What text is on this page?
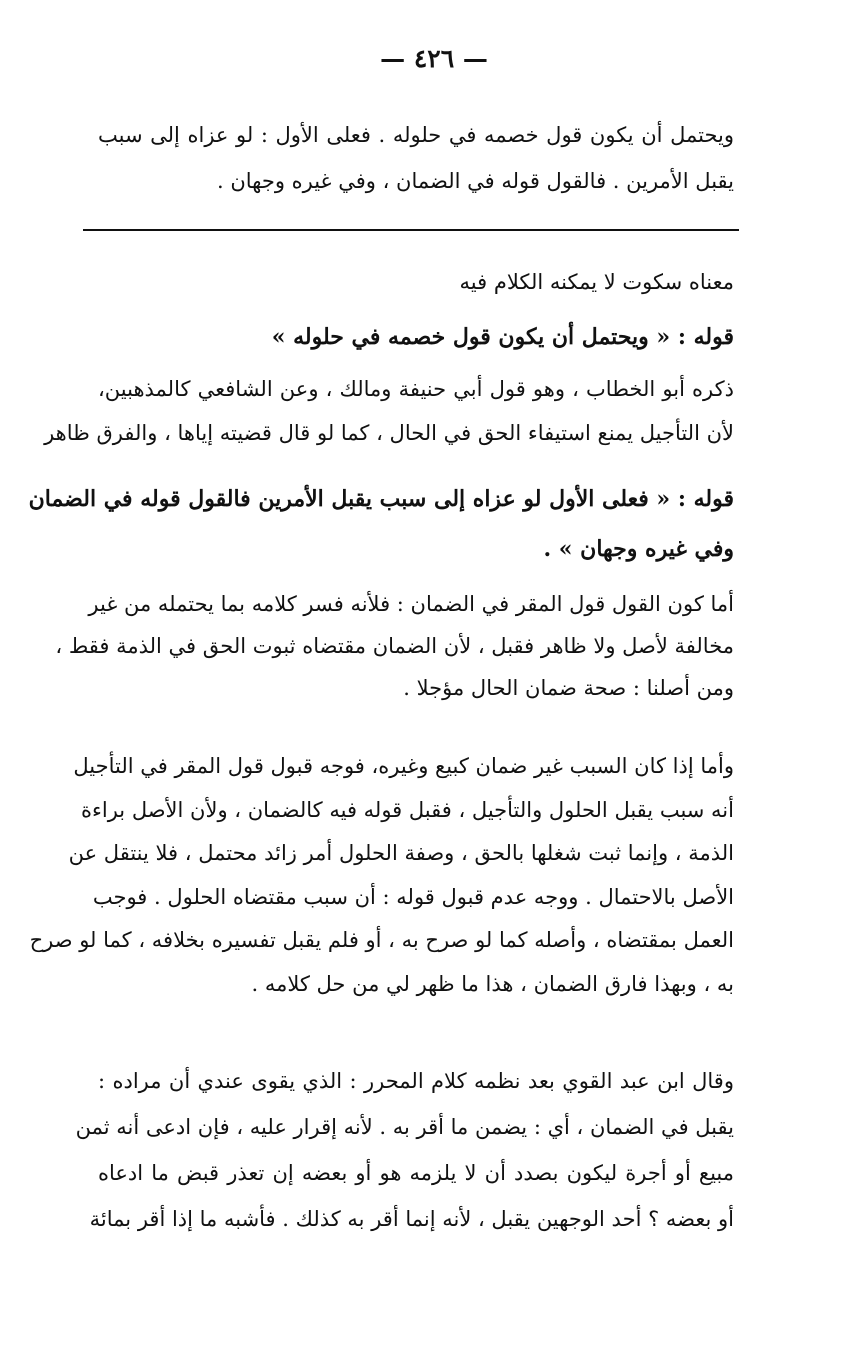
— ٤٢٦ —
ويحتمل أن يكون قول خصمه في حلوله . فعلى الأول : لو عزاه إلى سبب
يقبل الأمرين . فالقول قوله في الضمان ، وفي غيره وجهان .
معناه سكوت لا يمكنه الكلام فيه
قوله : « ويحتمل أن يكون قول خصمه في حلوله »
ذكره أبو الخطاب ، وهو قول أبي حنيفة ومالك ، وعن الشافعي كالمذهبين،
لأن التأجيل يمنع استيفاء الحق في الحال ، كما لو قال قضيته إياها ، والفرق ظاهر
قوله : « فعلى الأول لو عزاه إلى سبب يقبل الأمرين فالقول قوله في الضمان
وفي غيره وجهان » .
أما كون القول قول المقر في الضمان : فلأنه فسر كلامه بما يحتمله من غير
مخالفة لأصل ولا ظاهر فقبل ، لأن الضمان مقتضاه ثبوت الحق في الذمة فقط ،
ومن أصلنا : صحة ضمان الحال مؤجلا .
وأما إذا كان السبب غير ضمان كبيع وغيره، فوجه قبول قول المقر في التأجيل
أنه سبب يقبل الحلول والتأجيل ، فقبل قوله فيه كالضمان ، ولأن الأصل براءة
الذمة ، وإنما ثبت شغلها بالحق ، وصفة الحلول أمر زائد محتمل ، فلا ينتقل عن
الأصل بالاحتمال . ووجه عدم قبول قوله : أن سبب مقتضاه الحلول . فوجب
العمل بمقتضاه ، وأصله كما لو صرح به ، أو فلم يقبل تفسيره بخلافه ، كما لو صرح
به ، وبهذا فارق الضمان ، هذا ما ظهر لي من حل كلامه .
وقال ابن عبد القوي بعد نظمه كلام المحرر : الذي يقوى عندي أن مراده :
يقبل في الضمان ، أي : يضمن ما أقر به . لأنه إقرار عليه ، فإن ادعى أنه ثمن
مبيع أو أجرة ليكون بصدد أن لا يلزمه هو أو بعضه إن تعذر قبض ما ادعاه
أو بعضه ؟ أحد الوجهين يقبل ، لأنه إنما أقر به كذلك . فأشبه ما إذا أقر بمائة
